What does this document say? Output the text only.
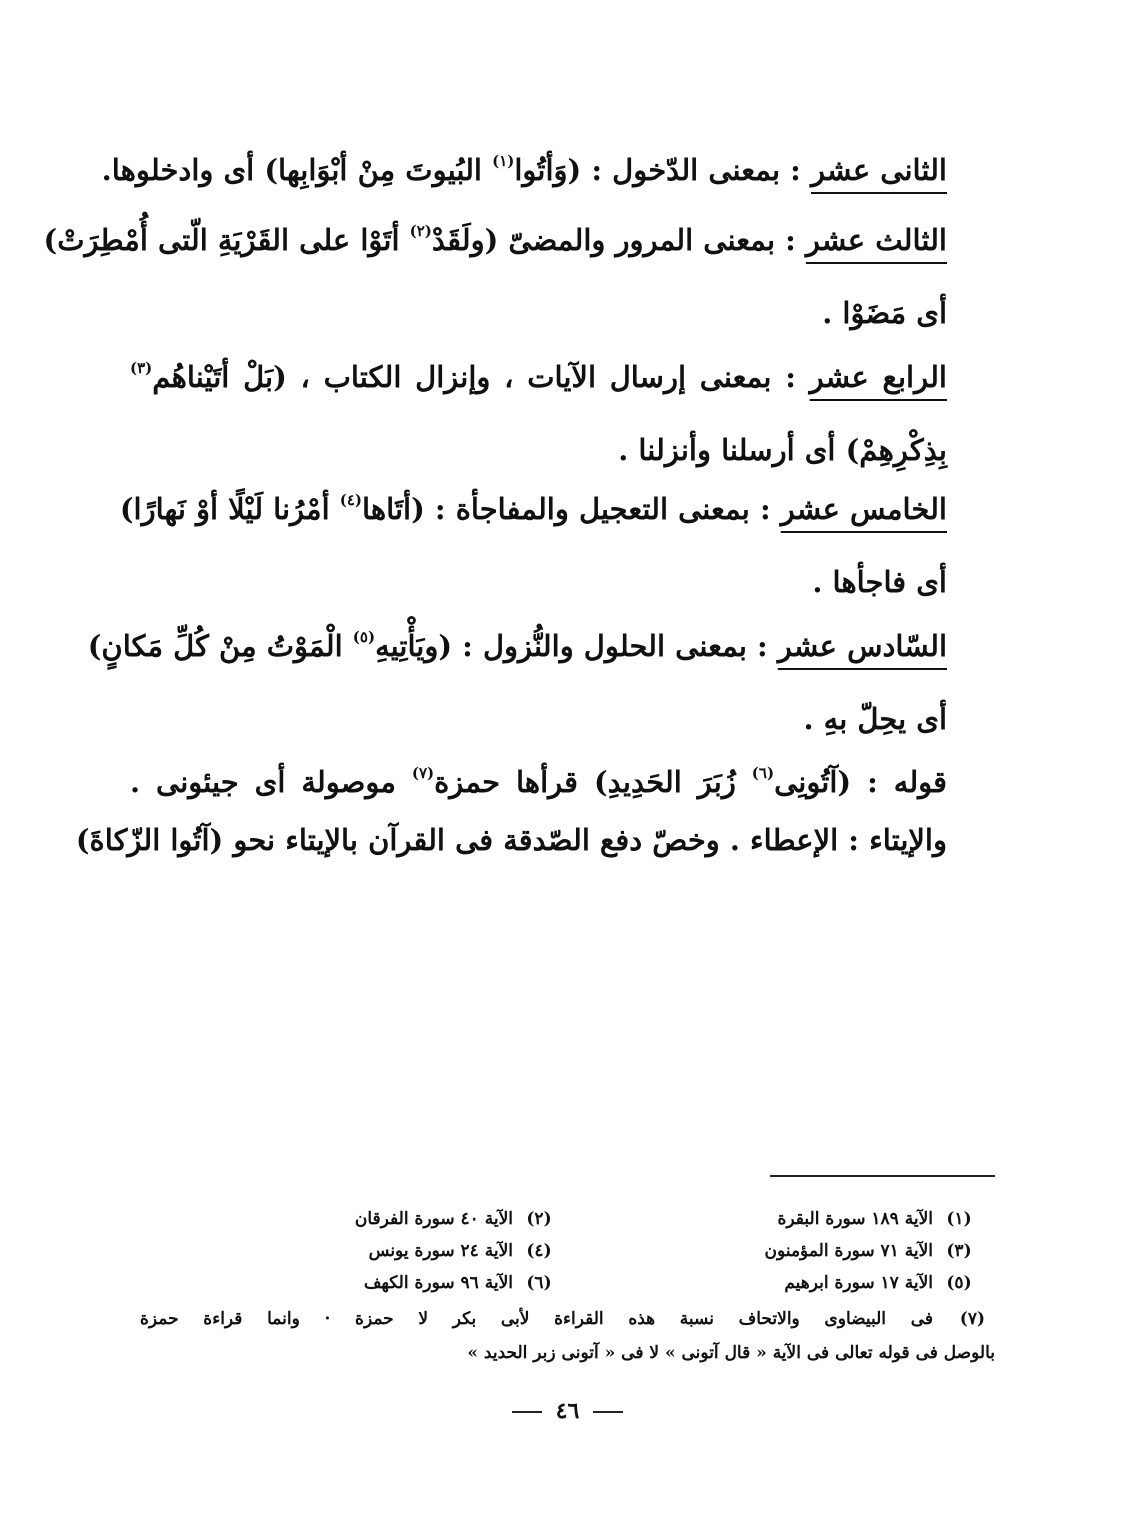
الثانى عشر : بمعنى الدّخول : (وَأتُوا$^{(١)}$ البُيوتَ مِنْ أبْوَابِها) أى وادخلوها.
الثالث عشر : بمعنى المرور والمضىّ (ولَقَدْ$^{(٢)}$ أتَوْا على القَرْيَةِ الّتى أُمْطِرَتْ)
أى مَضَوْا .
الرابع عشر : بمعنى إرسال الآيات ، وإنزال الكتاب ، (بَلْ أتَيْناهُم$^{(٣)}$
بِذِكْرِهِمْ) أى أرسلنا وأنزلنا .
الخامس عشر : بمعنى التعجيل والمفاجأة : (أتَاها$^{(٤)}$ أمْرُنا لَيْلًا أوْ نَهارًا)
أى فاجأها .
السّادس عشر : بمعنى الحلول والنُّزول : (ويَأْتِيهِ$^{(٥)}$ الْمَوْتُ مِنْ كُلِّ مَكانٍ)
أى يحِلّ بهِ .
قوله : (آتُونِى$^{(٦)}$ زُبَرَ الحَدِيدِ) قرأها حمزة$^{(٧)}$ موصولة أى جيئونى .
والإيتاء : الإعطاء . وخصّ دفع الصّدقة فى القرآن بالإيتاء نحو (آتُوا الزّكاةَ)
(١)
الآية ١٨٩ سورة البقرة
(٢)
الآية ٤٠ سورة الفرقان
(٣)
الآية ٧١ سورة المؤمنون
(٤)
الآية ٢٤ سورة يونس
(٥)
الآية ١٧ سورة ابرهيم
(٦)
الآية ٩٦ سورة الكهف
(٧)فى البيضاوى والاتحاف نسبة هذه القراءة لأبى بكر لا حمزة · وانما قراءة حمزة
بالوصل فى قوله تعالى فى الآية « قال آتونى » لا فى « آتونى زبر الحديد »
٤٦
